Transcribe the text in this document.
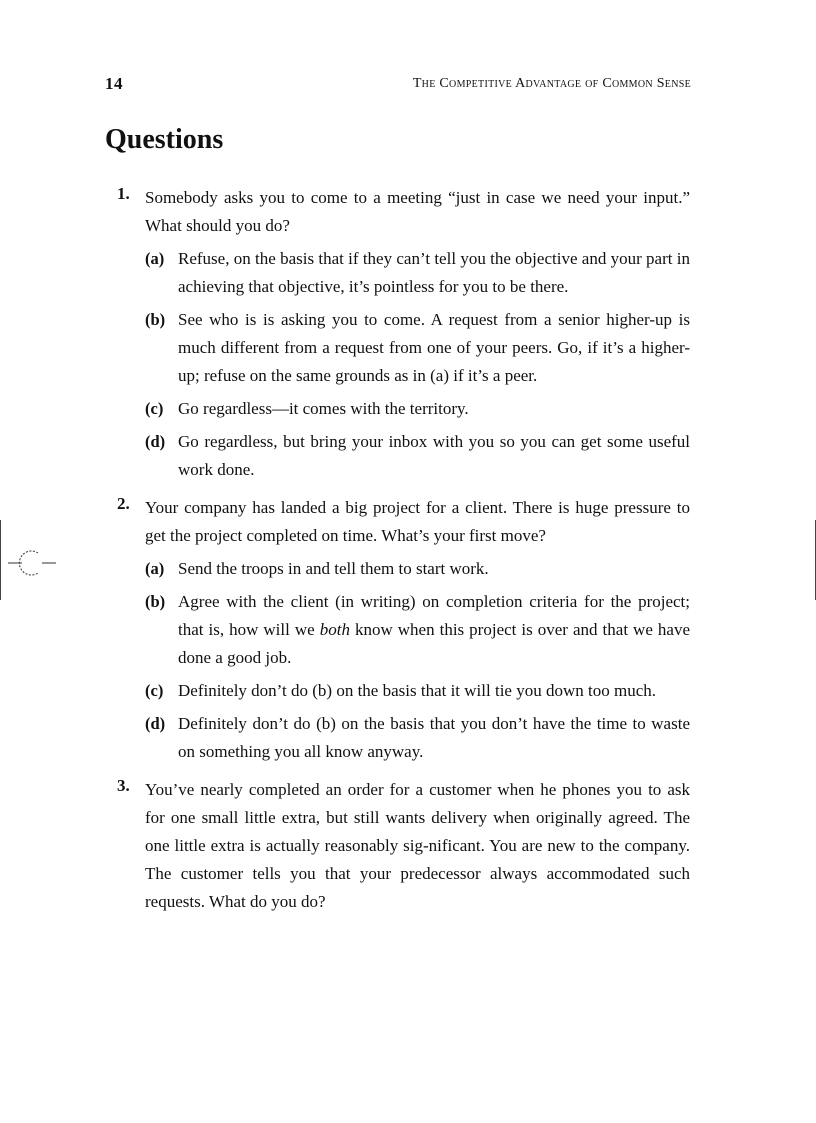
14	The Competitive Advantage of Common Sense
Questions
1. Somebody asks you to come to a meeting “just in case we need your input.” What should you do?
(a) Refuse, on the basis that if they can’t tell you the objective and your part in achieving that objective, it’s pointless for you to be there.
(b) See who is is asking you to come. A request from a senior higher-up is much different from a request from one of your peers. Go, if it’s a higher-up; refuse on the same grounds as in (a) if it’s a peer.
(c) Go regardless—it comes with the territory.
(d) Go regardless, but bring your inbox with you so you can get some useful work done.
2. Your company has landed a big project for a client. There is huge pressure to get the project completed on time. What’s your first move?
(a) Send the troops in and tell them to start work.
(b) Agree with the client (in writing) on completion criteria for the project; that is, how will we both know when this project is over and that we have done a good job.
(c) Definitely don’t do (b) on the basis that it will tie you down too much.
(d) Definitely don’t do (b) on the basis that you don’t have the time to waste on something you all know anyway.
3. You’ve nearly completed an order for a customer when he phones you to ask for one small little extra, but still wants delivery when originally agreed. The one little extra is actually reasonably sig-nificant. You are new to the company. The customer tells you that your predecessor always accommodated such requests. What do you do?
